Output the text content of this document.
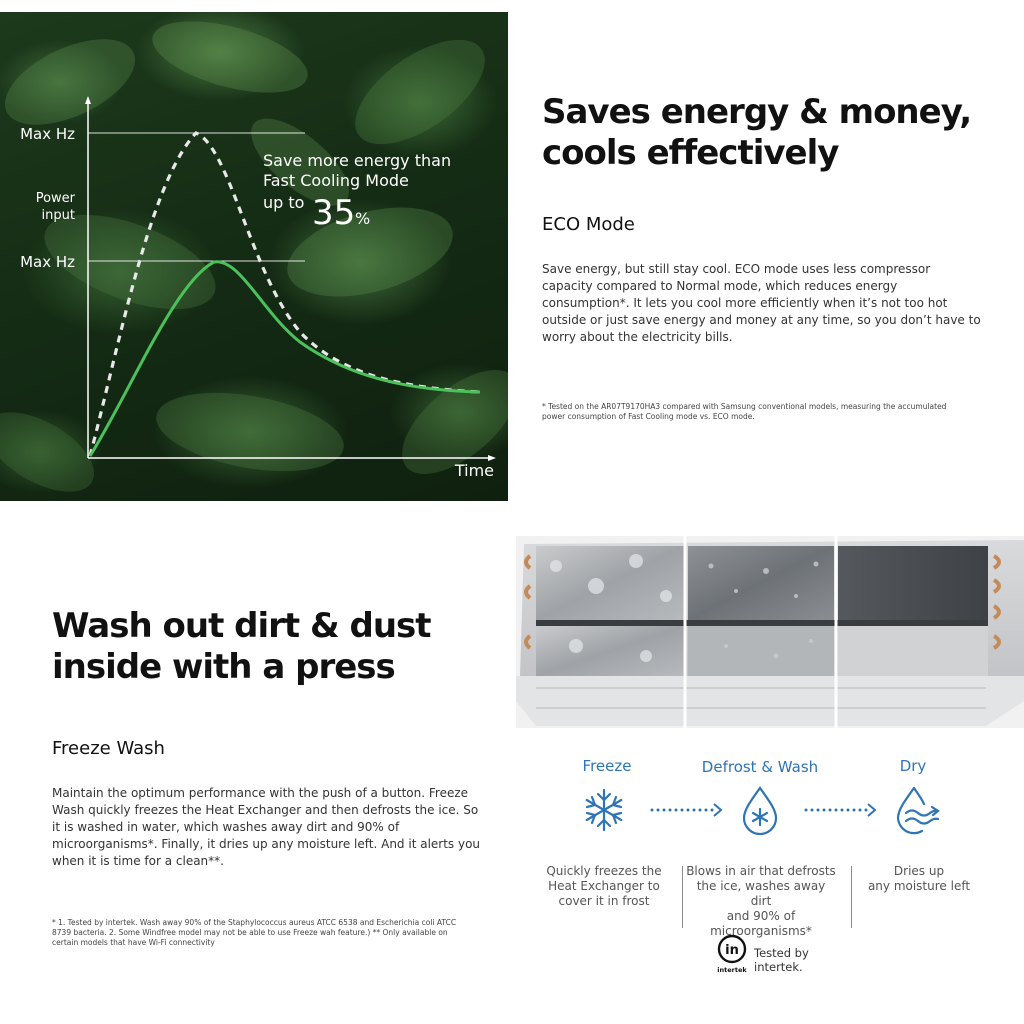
Max Hz
Power
input
Max Hz
Time
Save more energy than
Fast Cooling Mode
up to 35 %
Saves energy & money,
cools effectively
ECO Mode
Save energy, but still stay cool. ECO mode uses less compressor capacity compared to Normal mode, which reduces energy consumption*. It lets you cool more efficiently when it’s not too hot outside or just save energy and money at any time, so you don’t have to worry about the electricity bills.
* Tested on the AR07T9170HA3 compared with Samsung conventional models, measuring the accumulated power consumption of Fast Cooling mode vs. ECO mode.
Wash out dirt & dust
inside with a press
Freeze Wash
Maintain the optimum performance with the push of a button. Freeze Wash quickly freezes the Heat Exchanger and then defrosts the ice. So it is washed in water, which washes away dirt and 90% of microorganisms*. Finally, it dries up any moisture left. And it alerts you when it is time for a clean**.
* 1. Tested by intertek. Wash away 90% of the Staphylococcus aureus ATCC 6538 and Escherichia coli ATCC 8739 bacteria. 2. Some Windfree model may not be able to use Freeze wah feature.) ** Only available on certain models that have Wi-Fi connectivity
Freeze	Defrost & Wash	Dry
Quickly freezes the
Heat Exchanger to
cover it in frost
Blows in air that defrosts
the ice, washes away dirt
and 90% of
microorganisms*
Dries up
any moisture left
in
intertek
Tested by
intertek.
